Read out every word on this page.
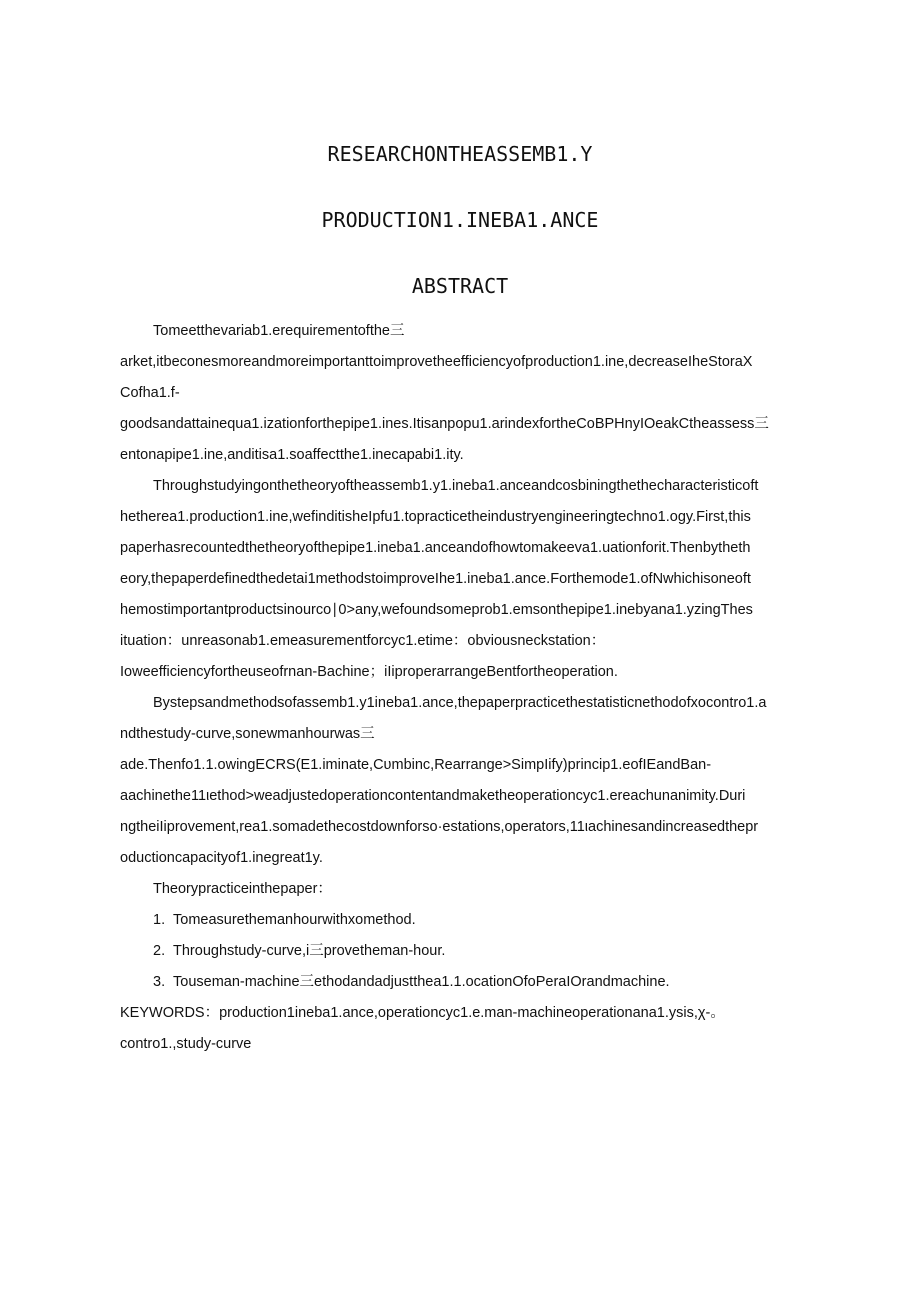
RESEARCHONTHEASSEMB1.Y
PRODUCTION1.INEBA1.ANCE
ABSTRACT
Tomeetthevariab1.erequirementofthe三
arket,itbeconesmoreandmoreimportanttoimprovetheefficiencyofproduction1.ine,decreaseIheStoraX
Cofha1.f-
goodsandattainequa1.izationforthepipe1.ines.Itisanpopu1.arindexfortheCoBPHnyIOeakCtheassess三
entonapipe1.ine,anditisa1.soaffectthe1.inecapabi1.ity.
Throughstudyingonthetheoryoftheassemb1.y1.ineba1.anceandcosbiningthethecharacteristicoft
hetherea1.production1.ine,wefinditisheIpfu1.topracticetheindustryengineeringtechno1.ogy.First,this
paperhasrecountedthetheoryofthepipe1.ineba1.anceandofhowtomakeeva1.uationforit.Thenbytheth
eory,thepaperdefinedthedetai1methodstoimproveIhe1.ineba1.ance.Forthemode1.ofNwhichisoneoft
hemostimportantproductsinourco∣0>any,wefoundsomeprob1.emsonthepipe1.inebyana1.yzingThes
ituation：unreasonab1.emeasurementforcyc1.etime：obviousneckstation：
Ioweefficiencyfortheuseofrnan-Bachine；iIiproperarrangeBentfortheoperation.
Bystepsandmethodsofassemb1.y1ineba1.ance,thepaperpracticethestatisticnethodofxocontro1.a
ndthestudy-curve,sonewmanhourwas三
ade.Thenfo1.1.owingECRS(E1.iminate,Cυmbinc,Rearrange>SimpIify)princip1.eofIEandBan-
aachinethe11ιethod>weadjustedoperationcontentandmaketheoperationcyc1.ereachunanimity.Duri
ngtheiIiprovement,rea1.somadethecostdownforso·estations,operators,11ιachinesandincreasedthepr
oductioncapacityof1.inegreat1y.
Theorypracticeinthepaper：
1. Tomeasurethemanhourwithxomethod.
2. Throughstudy-curve,i三provetheman-hour.
3. Touseman-machine三ethodandadjustthea1.1.ocationOfoPeraIOrandmachine.
KEYWORDS：production1ineba1.ance,operationcyc1.e.man-machineoperationana1.ysis,χ-。
contro1.,study-curve
